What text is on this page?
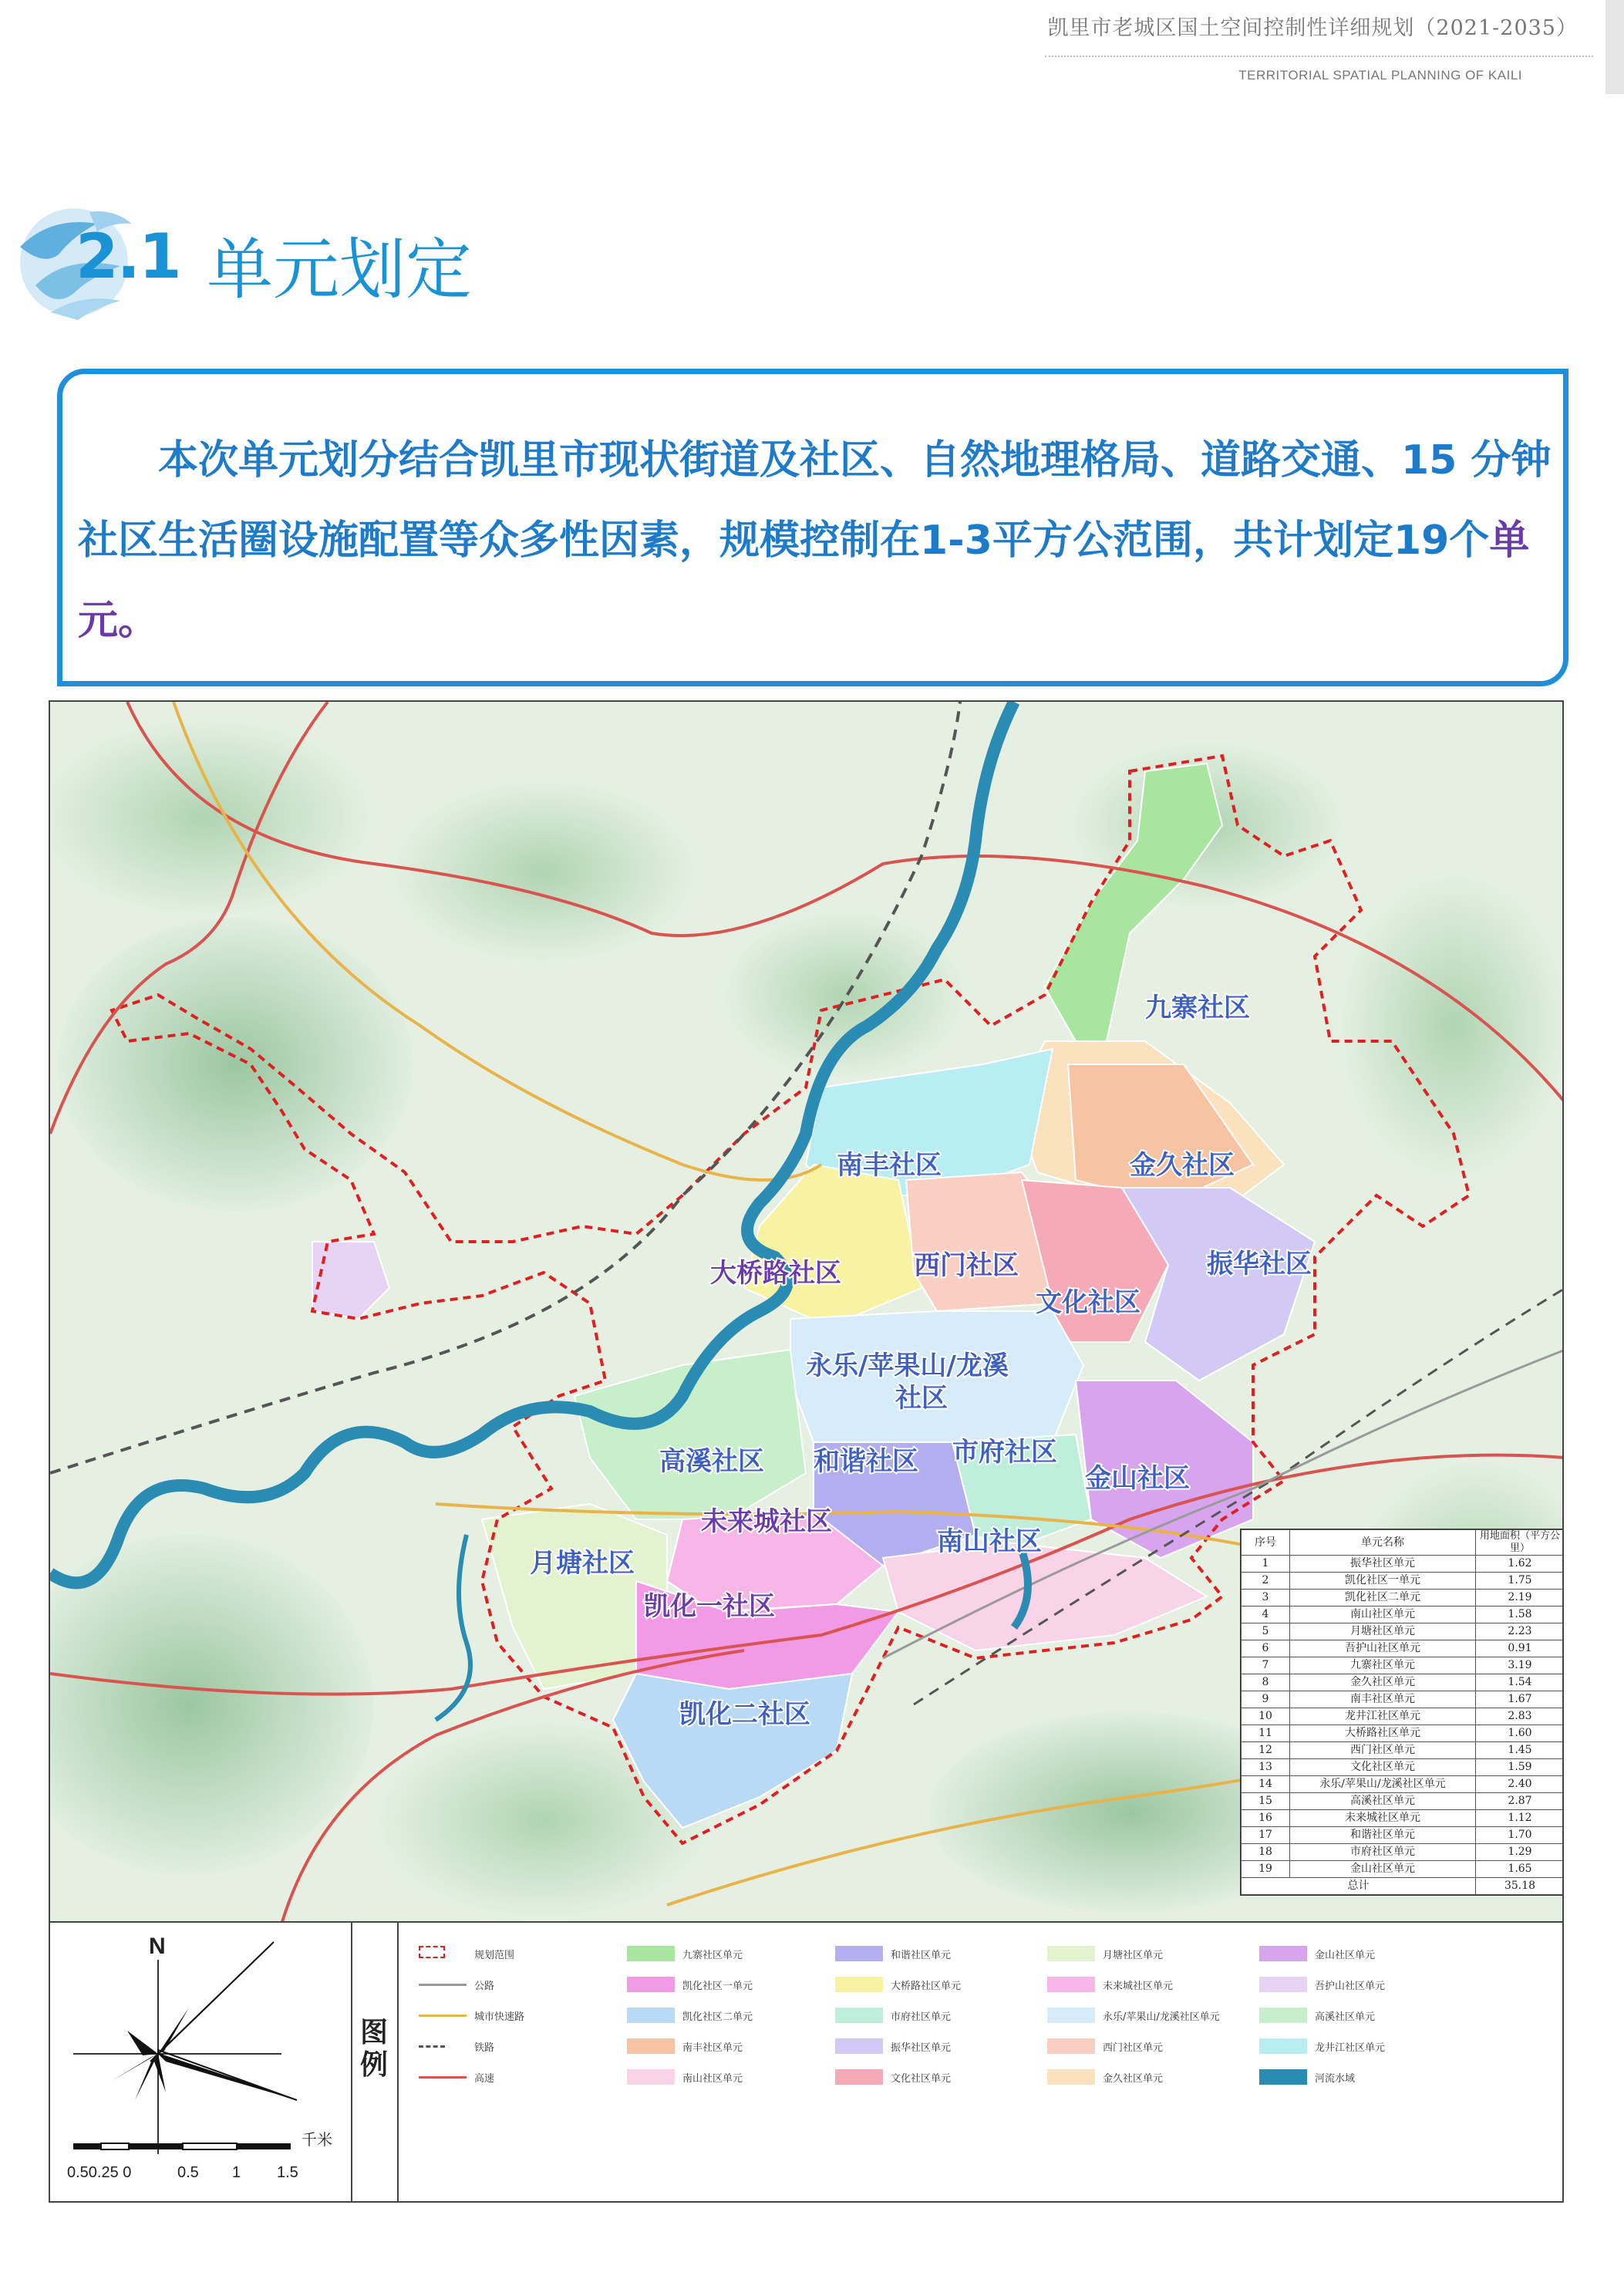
凯里市老城区国土空间控制性详细规划（2021-2035）
TERRITORIAL SPATIAL PLANNING OF KAILI
2.1 单元划定

本次单元划分结合凯里市现状街道及社区、自然地理格局、道路交通、15 分钟社区生活圈设施配置等众多性因素，规模控制在1-3平方公范围，共计划定19个单元。

九寨社区
南丰社区	金久社区
西门社区
大桥路社区	振华社区
文化社区
永乐/苹果山/龙溪
社区
高溪社区 和谐社区 市府社区
金山社区
未来城社区
南山社区
月塘社区
凯化一社区
凯化二社区
序号	单元名称	用地面积（平方公里）
1	振华社区单元	1.62
2	凯化社区一单元	1.75
3	凯化社区二单元	2.19
4	南山社区单元	1.58
5	月塘社区单元	2.23
6	吾护山社区单元	0.91
7	九寨社区单元	3.19
8	金久社区单元	1.54
9	南丰社区单元	1.67
10	龙井江社区单元	2.83
11	大桥路社区单元	1.60
12	西门社区单元	1.45
13	文化社区单元	1.59
14	永乐/苹果山/龙溪社区单元	2.40
15	高溪社区单元	2.87
16	未来城社区单元	1.12
17	和谐社区单元	1.70
18	市府社区单元	1.29
19	金山社区单元	1.65
总计		35.18
N
千米
0.50.25 0	0.5 1 1.5
图例
规划范围
公路
城市快速路
铁路
高速
九寨社区单元
凯化社区一单元
凯化社区二单元
南丰社区单元
南山社区单元
和谐社区单元
大桥路社区单元
市府社区单元
振华社区单元
文化社区单元
月塘社区单元
未来城社区单元
永乐/苹果山/龙溪社区单元
西门社区单元
金久社区单元
金山社区单元
吾护山社区单元
高溪社区单元
龙井江社区单元
河流水域
